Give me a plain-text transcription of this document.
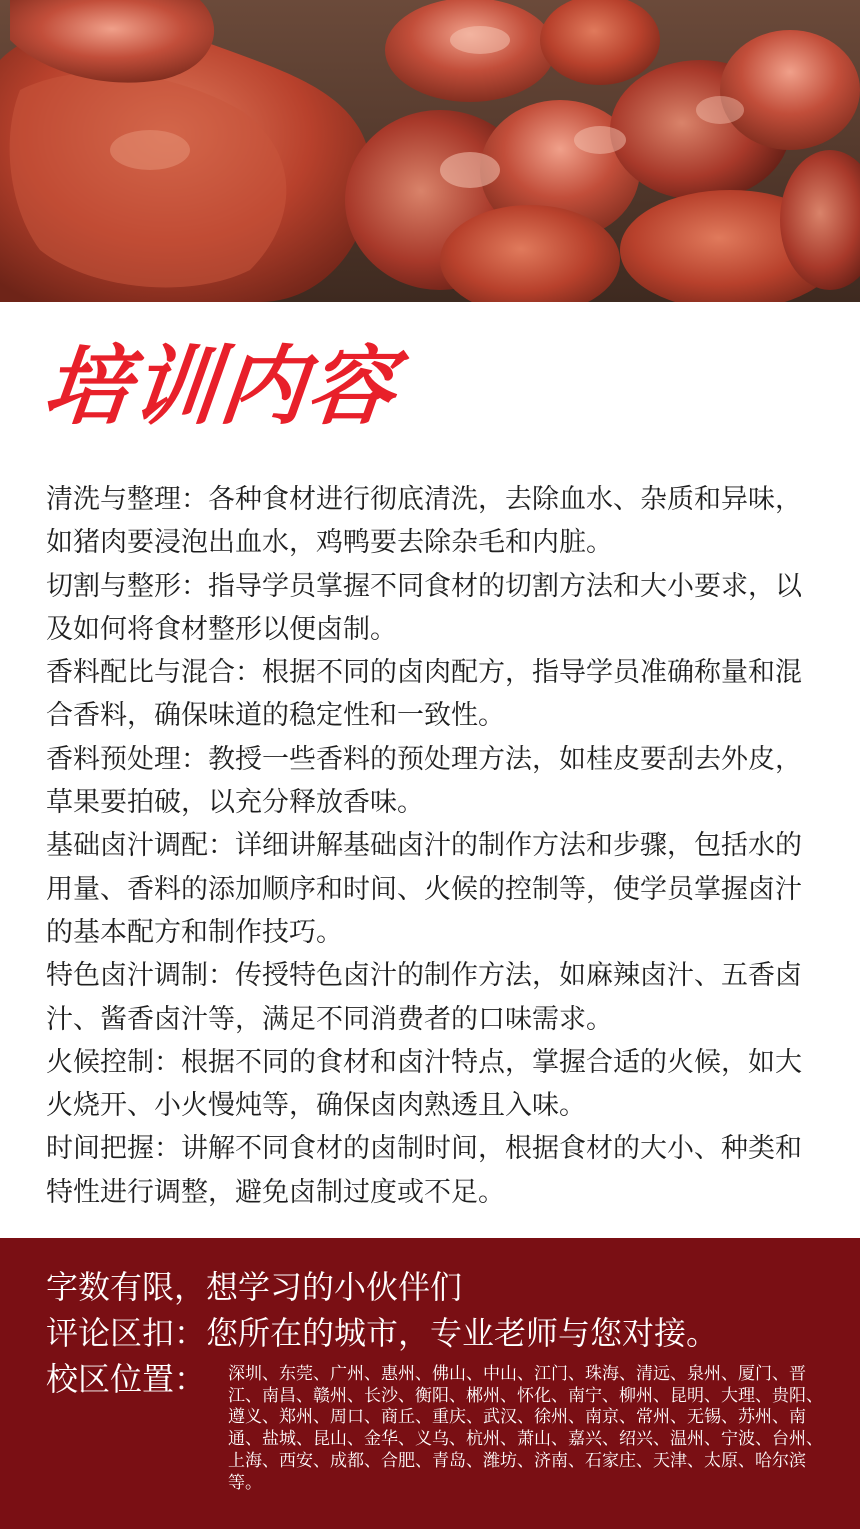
培训内容
清洗与整理：各种食材进行彻底清洗，去除血水、杂质和异味，如猪肉要浸泡出血水，鸡鸭要去除杂毛和内脏。
切割与整形：指导学员掌握不同食材的切割方法和大小要求，以及如何将食材整形以便卤制。
香料配比与混合：根据不同的卤肉配方，指导学员准确称量和混合香料，确保味道的稳定性和一致性。
香料预处理：教授一些香料的预处理方法，如桂皮要刮去外皮，草果要拍破，以充分释放香味。
基础卤汁调配：详细讲解基础卤汁的制作方法和步骤，包括水的用量、香料的添加顺序和时间、火候的控制等，使学员掌握卤汁的基本配方和制作技巧。
特色卤汁调制：传授特色卤汁的制作方法，如麻辣卤汁、五香卤汁、酱香卤汁等，满足不同消费者的口味需求。
火候控制：根据不同的食材和卤汁特点，掌握合适的火候，如大火烧开、小火慢炖等，确保卤肉熟透且入味。
时间把握：讲解不同食材的卤制时间，根据食材的大小、种类和特性进行调整，避免卤制过度或不足。

字数有限，想学习的小伙伴们

评论区扣：您所在的城市，专业老师与您对接。

校区位置： 深圳、东莞、广州、惠州、佛山、中山、江门、珠海、清远、泉州、厦门、晋江、南昌、赣州、长沙、衡阳、郴州、怀化、南宁、柳州、昆明、大理、贵阳、遵义、郑州、周口、商丘、重庆、武汉、徐州、南京、常州、无锡、苏州、南通、盐城、昆山、金华、义乌、杭州、萧山、嘉兴、绍兴、温州、宁波、台州、上海、西安、成都、合肥、青岛、潍坊、济南、石家庄、天津、太原、哈尔滨等。
